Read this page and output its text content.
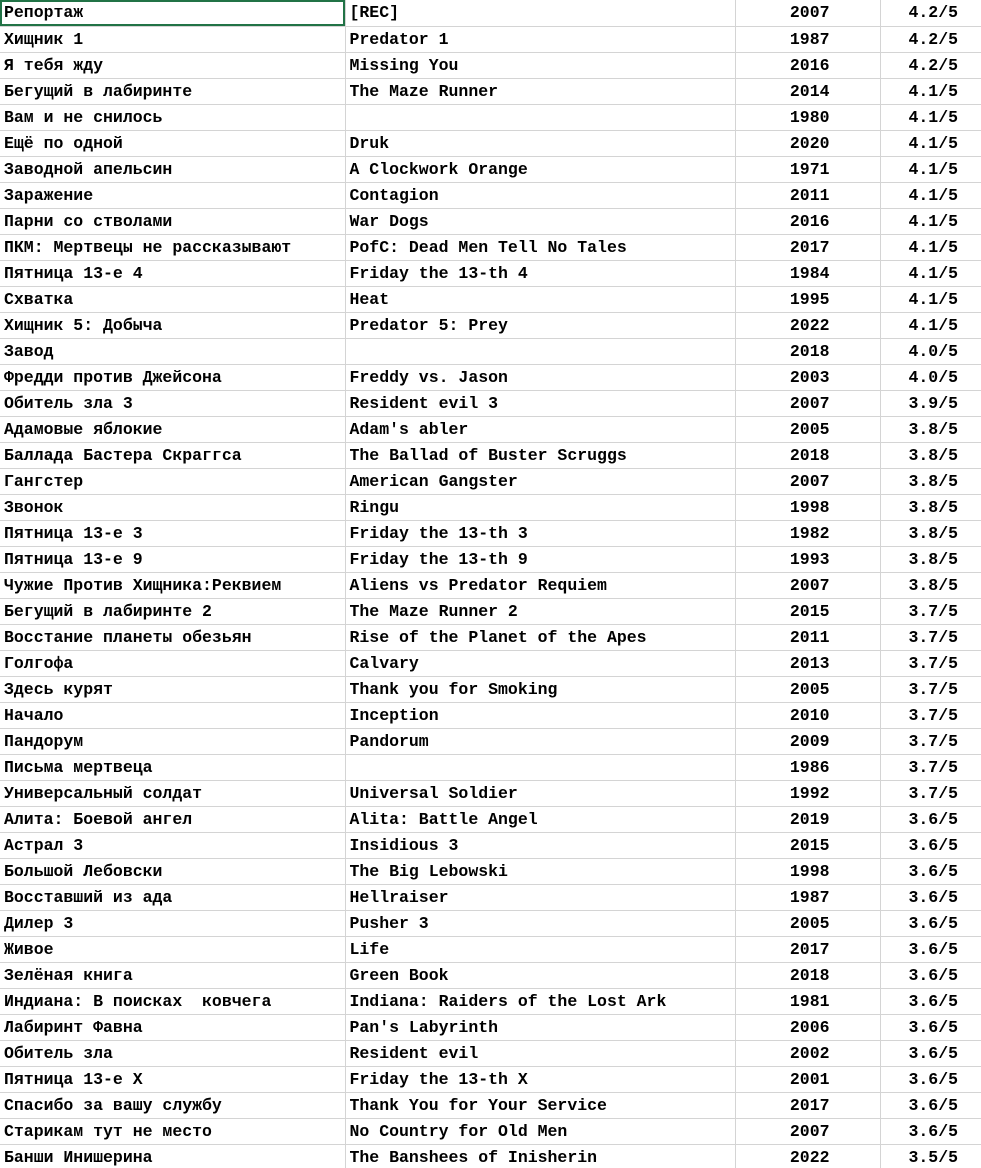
Репортаж	[REC]	2007	4.2/5
Хищник 1	Predator 1	1987	4.2/5
Я тебя жду	Missing You	2016	4.2/5
Бегущий в лабиринте	The Maze Runner	2014	4.1/5
Вам и не снилось		1980	4.1/5
Ещё по одной	Druk	2020	4.1/5
Заводной апельсин	A Clockwork Orange	1971	4.1/5
Заражение	Contagion	2011	4.1/5
Парни со стволами	War Dogs	2016	4.1/5
ПКМ: Мертвецы не рассказывают	PofC: Dead Men Tell No Tales	2017	4.1/5
Пятница 13-е 4	Friday the 13-th 4	1984	4.1/5
Схватка	Heat	1995	4.1/5
Хищник 5: Добыча	Predator 5: Prey	2022	4.1/5
Завод		2018	4.0/5
Фредди против Джейсона	Freddy vs. Jason	2003	4.0/5
Обитель зла 3	Resident evil 3	2007	3.9/5
Адамовые яблокие	Adam's abler	2005	3.8/5
Баллада Бастера Скраггса	The Ballad of Buster Scruggs	2018	3.8/5
Гангстер	American Gangster	2007	3.8/5
Звонок	Ringu	1998	3.8/5
Пятница 13-е 3	Friday the 13-th 3	1982	3.8/5
Пятница 13-е 9	Friday the 13-th 9	1993	3.8/5
Чужие Против Хищника:Реквием	Aliens vs Predator Requiem	2007	3.8/5
Бегущий в лабиринте 2	The Maze Runner 2	2015	3.7/5
Восстание планеты обезьян	Rise of the Planet of the Apes	2011	3.7/5
Голгофа	Calvary	2013	3.7/5
Здесь курят	Thank you for Smoking	2005	3.7/5
Начало	Inception	2010	3.7/5
Пандорум	Pandorum	2009	3.7/5
Письма мертвеца		1986	3.7/5
Универсальный солдат	Universal Soldier	1992	3.7/5
Алита: Боевой ангел	Alita: Battle Angel	2019	3.6/5
Астрал 3	Insidious 3	2015	3.6/5
Большой Лебовски	The Big Lebowski	1998	3.6/5
Восставший из ада	Hellraiser	1987	3.6/5
Дилер 3	Pusher 3	2005	3.6/5
Живое	Life	2017	3.6/5
Зелёная книга	Green Book	2018	3.6/5
Индиана: В поисках  ковчега	Indiana: Raiders of the Lost Ark	1981	3.6/5
Лабиринт Фавна	Pan's Labyrinth	2006	3.6/5
Обитель зла	Resident evil	2002	3.6/5
Пятница 13-е X	Friday the 13-th X	2001	3.6/5
Спасибо за вашу службу	Thank You for Your Service	2017	3.6/5
Старикам тут не место	No Country for Old Men	2007	3.6/5
Банши Инишерина	The Banshees of Inisherin	2022	3.5/5
